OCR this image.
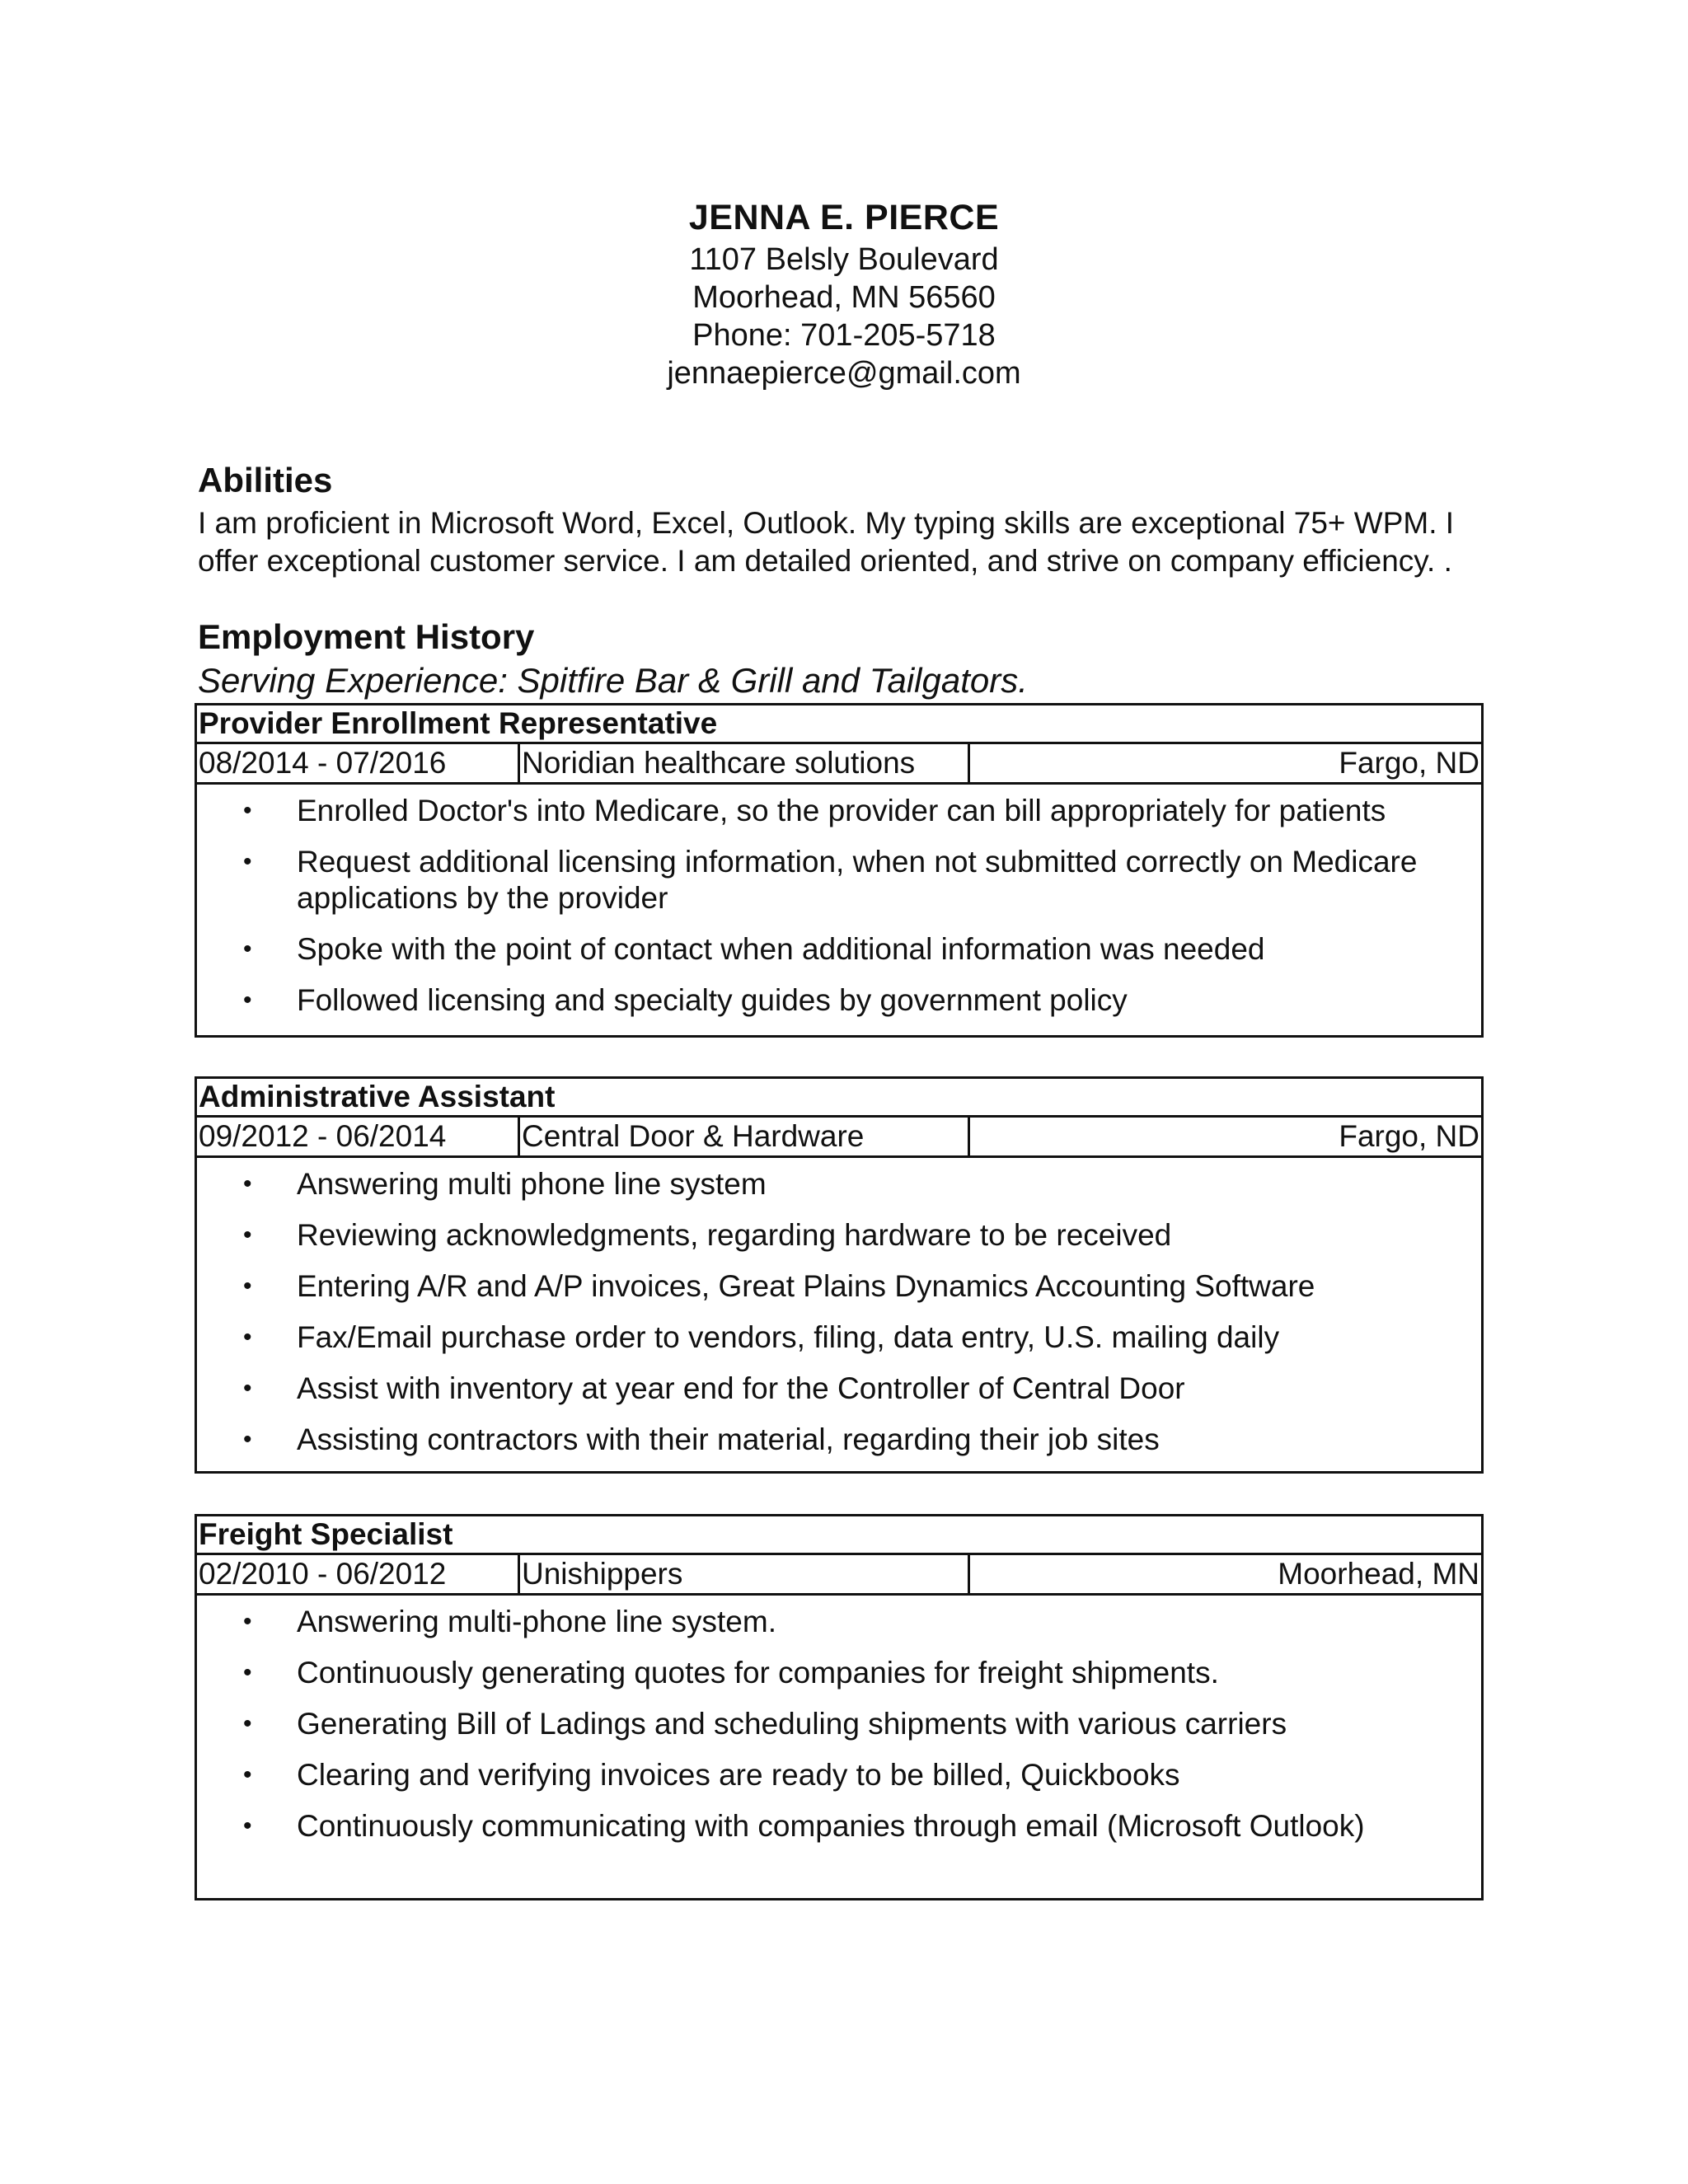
JENNA E. PIERCE
1107 Belsly Boulevard
Moorhead, MN 56560
Phone: 701-205-5718
jennaepierce@gmail.com
Abilities
I am proficient in Microsoft Word, Excel, Outlook. My typing skills are exceptional 75+ WPM. I offer exceptional customer service. I am detailed oriented, and strive on company efficiency. .
Employment History
Serving Experience: Spitfire Bar & Grill and Tailgators.
Provider Enrollment Representative
08/2014 - 07/2016	Noridian healthcare solutions	Fargo, ND
• Enrolled Doctor's into Medicare, so the provider can bill appropriately for patients
• Request additional licensing information, when not submitted correctly on Medicare applications by the provider
• Spoke with the point of contact when additional information was needed
• Followed licensing and specialty guides by government policy
Administrative Assistant
09/2012 - 06/2014	Central Door & Hardware	Fargo, ND
• Answering multi phone line system
• Reviewing acknowledgments, regarding hardware to be received
• Entering A/R and A/P invoices, Great Plains Dynamics Accounting Software
• Fax/Email purchase order to vendors, filing, data entry, U.S. mailing daily
• Assist with inventory at year end for the Controller of Central Door
• Assisting contractors with their material, regarding their job sites
Freight Specialist
02/2010 - 06/2012	Unishippers	Moorhead, MN
• Answering multi-phone line system.
• Continuously generating quotes for companies for freight shipments.
• Generating Bill of Ladings and scheduling shipments with various carriers
• Clearing and verifying invoices are ready to be billed, Quickbooks
• Continuously communicating with companies through email (Microsoft Outlook)
